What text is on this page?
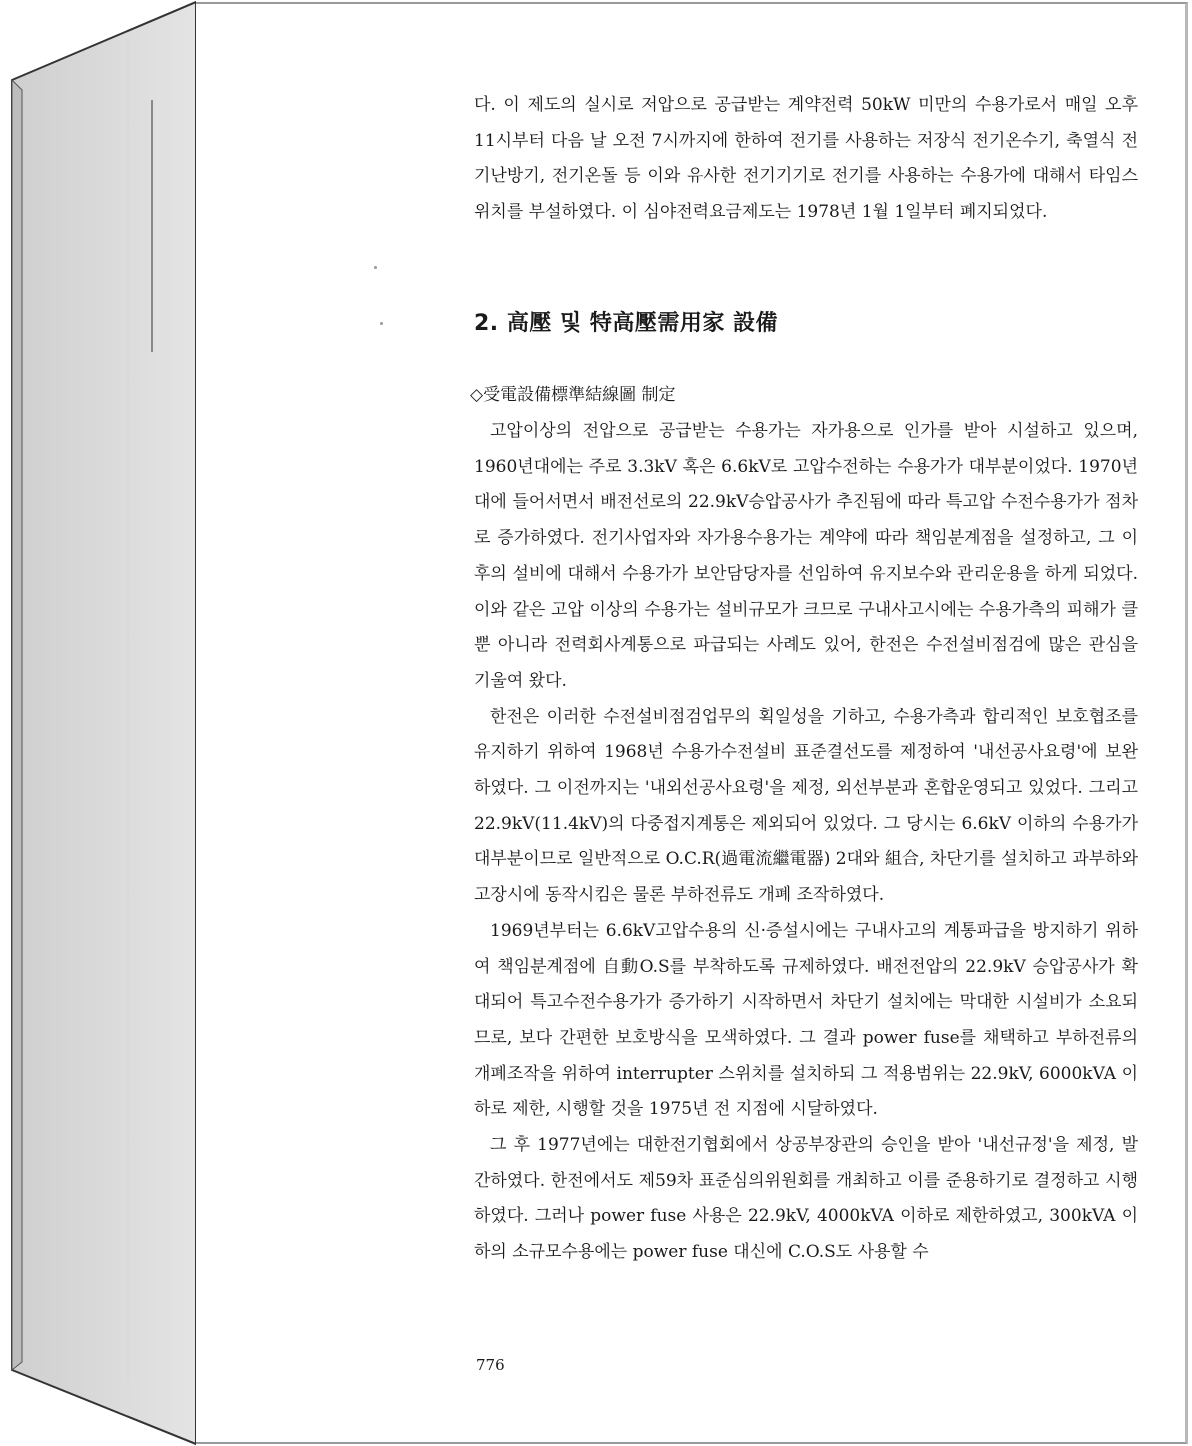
다. 이 제도의 실시로 저압으로 공급받는 계약전력 50kW 미만의 수용가로서 매일 오후 11시부터 다음 날 오전 7시까지에 한하여 전기를 사용하는 저장식 전기온수기, 축열식 전기난방기, 전기온돌 등 이와 유사한 전기기기로 전기를 사용하는 수용가에 대해서 타임스위치를 부설하였다. 이 심야전력요금제도는 1978년 1월 1일부터 폐지되었다.

2. 高壓 및 特高壓需用家 設備
◇受電設備標準結線圖 制定

고압이상의 전압으로 공급받는 수용가는 자가용으로 인가를 받아 시설하고 있으며, 1960년대에는 주로 3.3kV 혹은 6.6kV로 고압수전하는 수용가가 대부분이었다. 1970년대에 들어서면서 배전선로의 22.9kV승압공사가 추진됨에 따라 특고압 수전수용가가 점차로 증가하였다. 전기사업자와 자가용수용가는 계약에 따라 책임분계점을 설정하고, 그 이후의 설비에 대해서 수용가가 보안담당자를 선임하여 유지보수와 관리운용을 하게 되었다. 이와 같은 고압 이상의 수용가는 설비규모가 크므로 구내사고시에는 수용가측의 피해가 클 뿐 아니라 전력회사계통으로 파급되는 사례도 있어, 한전은 수전설비점검에 많은 관심을 기울여 왔다.

한전은 이러한 수전설비점검업무의 획일성을 기하고, 수용가측과 합리적인 보호협조를 유지하기 위하여 1968년 수용가수전설비 표준결선도를 제정하여 '내선공사요령'에 보완하였다. 그 이전까지는 '내외선공사요령'을 제정, 외선부분과 혼합운영되고 있었다. 그리고 22.9kV(11.4kV)의 다중접지계통은 제외되어 있었다. 그 당시는 6.6kV 이하의 수용가가 대부분이므로 일반적으로 O.C.R(過電流繼電器) 2대와 組合, 차단기를 설치하고 과부하와 고장시에 동작시킴은 물론 부하전류도 개폐 조작하였다.

1969년부터는 6.6kV고압수용의 신·증설시에는 구내사고의 계통파급을 방지하기 위하여 책임분계점에 自動O.S를 부착하도록 규제하였다. 배전전압의 22.9kV 승압공사가 확대되어 특고수전수용가가 증가하기 시작하면서 차단기 설치에는 막대한 시설비가 소요되므로, 보다 간편한 보호방식을 모색하였다. 그 결과 power fuse를 채택하고 부하전류의 개폐조작을 위하여 interrupter 스위치를 설치하되 그 적용범위는 22.9kV, 6000kVA 이하로 제한, 시행할 것을 1975년 전 지점에 시달하였다.

그 후 1977년에는 대한전기협회에서 상공부장관의 승인을 받아 '내선규정'을 제정, 발간하였다. 한전에서도 제59차 표준심의위원회를 개최하고 이를 준용하기로 결정하고 시행하였다. 그러나 power fuse 사용은 22.9kV, 4000kVA 이하로 제한하였고, 300kVA 이하의 소규모수용에는 power fuse 대신에 C.O.S도 사용할 수

776
